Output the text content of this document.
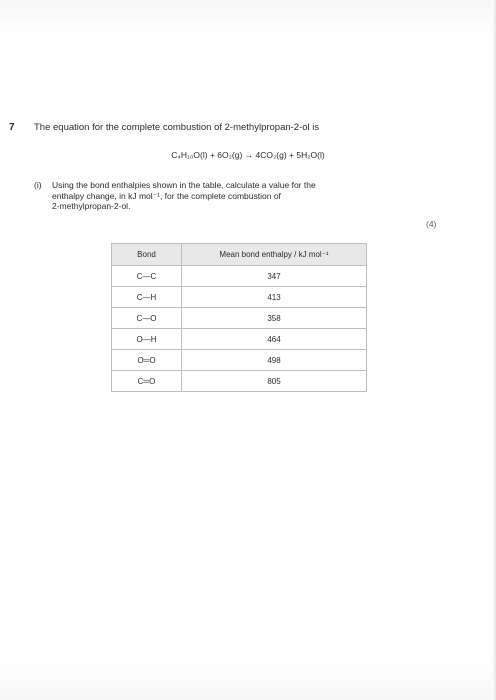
7 The equation for the complete combustion of 2-methylpropan-2-ol is
C₄H₁₀O(l) + 6O₂(g) → 4CO₂(g) + 5H₂O(l)
(i) Using the bond enthalpies shown in the table, calculate a value for the
enthalpy change, in kJ mol⁻¹, for the complete combustion of
2-methylpropan-2-ol.
(4)
Bond	Mean bond enthalpy / kJ mol⁻¹
C—C	347
C—H	413
C—O	358
O—H	464
O═O	498
C═O	805
